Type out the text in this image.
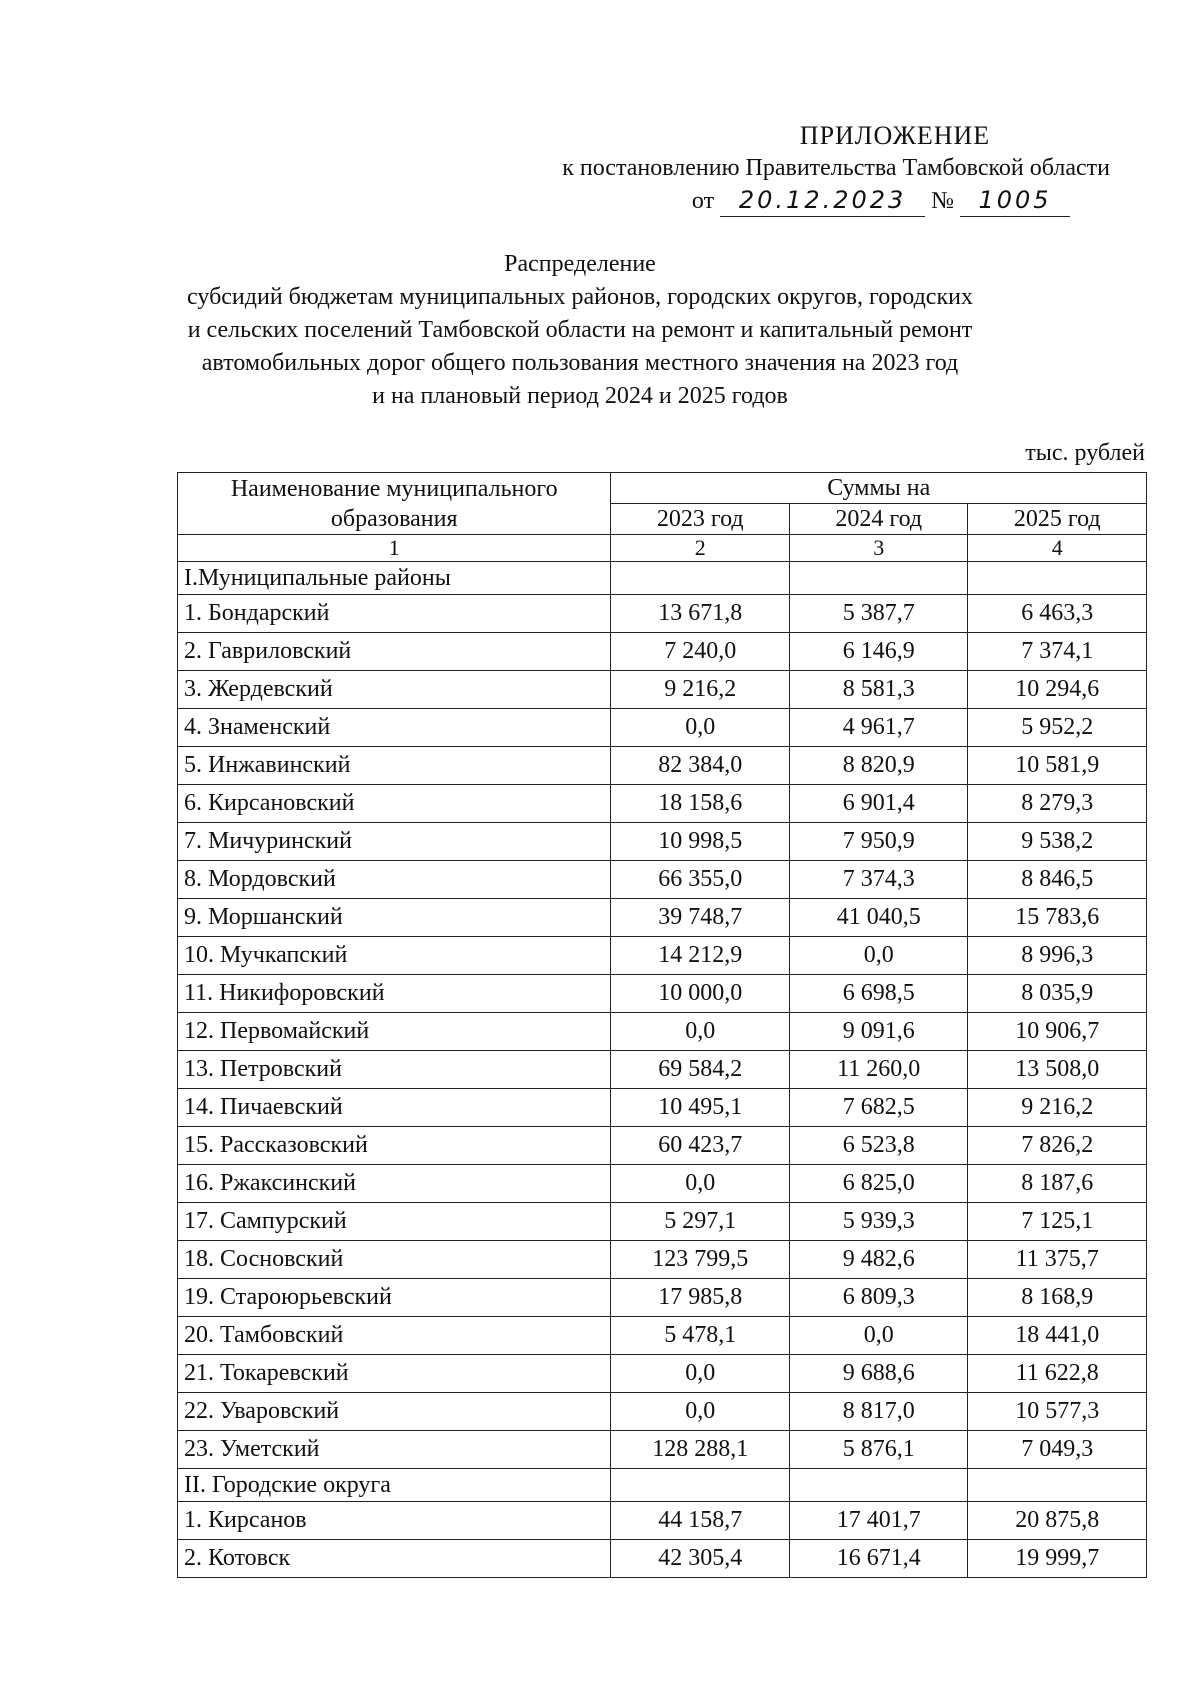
ПРИЛОЖЕНИЕ
к постановлению Правительства Тамбовской области
от 20.12.2023 № 1005
Распределение
субсидий бюджетам муниципальных районов, городских округов, городских
и сельских поселений Тамбовской области на ремонт и капитальный ремонт
автомобильных дорог общего пользования местного значения на 2023 год
и на плановый период 2024 и 2025 годов
тыс. рублей
Наименование муниципального образования	Суммы на		
	2023 год	2024 год	2025 год
1	2	3	4
I.Муниципальные районы			
1. Бондарский	13 671,8	5 387,7	6 463,3
2. Гавриловский	7 240,0	6 146,9	7 374,1
3. Жердевский	9 216,2	8 581,3	10 294,6
4. Знаменский	0,0	4 961,7	5 952,2
5. Инжавинский	82 384,0	8 820,9	10 581,9
6. Кирсановский	18 158,6	6 901,4	8 279,3
7. Мичуринский	10 998,5	7 950,9	9 538,2
8. Мордовский	66 355,0	7 374,3	8 846,5
9. Моршанский	39 748,7	41 040,5	15 783,6
10. Мучкапский	14 212,9	0,0	8 996,3
11. Никифоровский	10 000,0	6 698,5	8 035,9
12. Первомайский	0,0	9 091,6	10 906,7
13. Петровский	69 584,2	11 260,0	13 508,0
14. Пичаевский	10 495,1	7 682,5	9 216,2
15. Рассказовский	60 423,7	6 523,8	7 826,2
16. Ржаксинский	0,0	6 825,0	8 187,6
17. Сампурский	5 297,1	5 939,3	7 125,1
18. Сосновский	123 799,5	9 482,6	11 375,7
19. Староюрьевский	17 985,8	6 809,3	8 168,9
20. Тамбовский	5 478,1	0,0	18 441,0
21. Токаревский	0,0	9 688,6	11 622,8
22. Уваровский	0,0	8 817,0	10 577,3
23. Уметский	128 288,1	5 876,1	7 049,3
II. Городские округа			
1. Кирсанов	44 158,7	17 401,7	20 875,8
2. Котовск	42 305,4	16 671,4	19 999,7
